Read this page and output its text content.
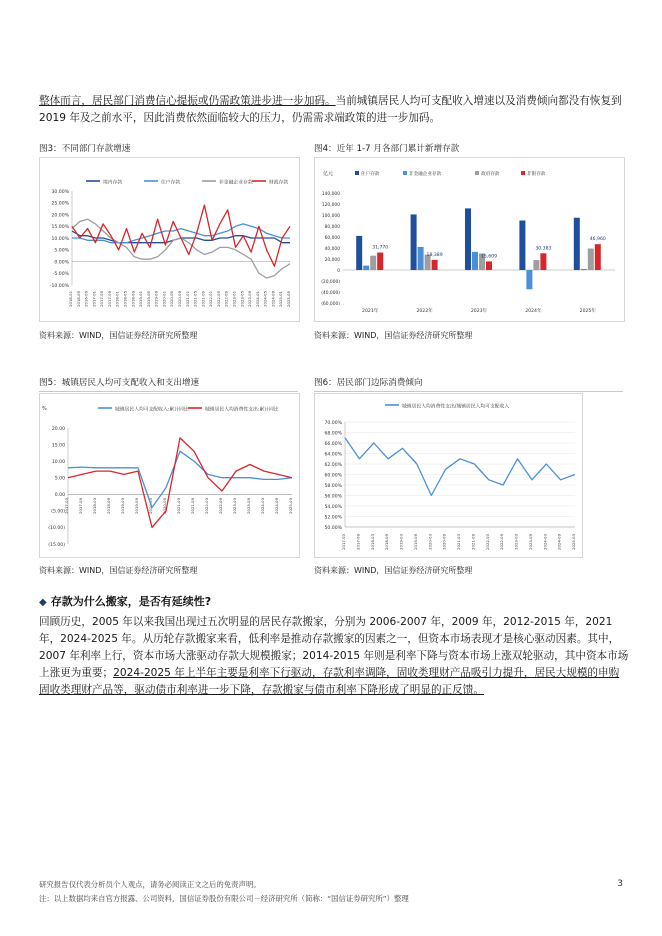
整体而言，居民部门消费信心提振或仍需政策进步进一步加码。当前城镇居民人均可支配收入增速以及消费倾向都没有恢复到 2019 年及之前水平，因此消费依然面临较大的压力，仍需需求端政策的进一步加码。

图3：不同部门存款增速
境内存款	住户存款	非金融企业存款	财政存款
30.00%
25.00%
20.00%
15.00%
10.00%
5.00%
0.00%
-5.00%
-10.00%
2016-01 2016-05 2016-09 2017-01 2017-05 2017-09 2018-01 2018-05 2018-09 2019-01 2019-05 2019-09 2020-01 2020-05 2020-09 2021-01 2021-05 2021-09 2022-01 2022-05 2022-09 2023-01 2023-05 2023-09 2024-01 2024-05 2024-09 2025-01 2025-05
资料来源：WIND，国信证券经济研究所整理
图4：近年 1-7 月各部门累计新增存款
亿元	住户存款	非金融企业存款	政府存款	非银存款
140,000
120,000
100,000
80,000
60,000
40,000
20,000
0
(20,000)
(40,000)
(60,000)
2021年
31,770
2022年
18,389
2023年
15,609
2024年
30,383
2025年
46,960
资料来源：WIND，国信证券经济研究所整理
图5：城镇居民人均可支配收入和支出增速
城镇居民人均可支配收入:累计同比	城镇居民人均消费性支出:累计同比
%
20.00
15.00
10.00
5.00
0.00
(5.00)
(10.00)
(15.00)
2017-03 2017-09 2018-03 2018-09 2019-03 2019-09 2020-03 2020-09 2021-03 2021-09 2022-03 2022-09 2023-03 2023-09 2024-03 2024-09 2025-03
资料来源：WIND，国信证券经济研究所整理
图6：居民部门边际消费倾向
城镇居民人均消费性支出/城镇居民人均可支配收入
70.00%
68.00%
66.00%
64.00%
62.00%
60.00%
58.00%
56.00%
54.00%
52.00%
50.00%
2017-03 2017-09 2018-03 2018-09 2019-03 2019-09 2020-03 2020-09 2021-03 2021-09 2022-03 2022-09 2023-03 2023-09 2024-03 2024-09 2025-03
资料来源：WIND，国信证券经济研究所整理
◆ 存款为什么搬家，是否有延续性?

回顾历史，2005 年以来我国出现过五次明显的居民存款搬家，分别为 2006-2007 年，2009 年，2012-2015 年，2021 年，2024-2025 年。从历轮存款搬家来看，低利率是推动存款搬家的因素之一，但资本市场表现才是核心驱动因素。其中，2007 年利率上行，资本市场大涨驱动存款大规模搬家；2014-2015 年则是利率下降与资本市场上涨双轮驱动，其中资本市场上涨更为重要；2024-2025 年上半年主要是利率下行驱动，存款利率调降，固收类理财产品吸引力提升，居民大规模的申购固收类理财产品等，驱动债市利率进一步下降，存款搬家与债市利率下降形成了明显的正反馈。

研究报告仅代表分析员个人观点，请务必阅读正文之后的免责声明。
注：以上数据均来自官方报露、公司资料，国信证券股份有限公司－经济研究所（简称：“国信证券研究所”）整理
3
